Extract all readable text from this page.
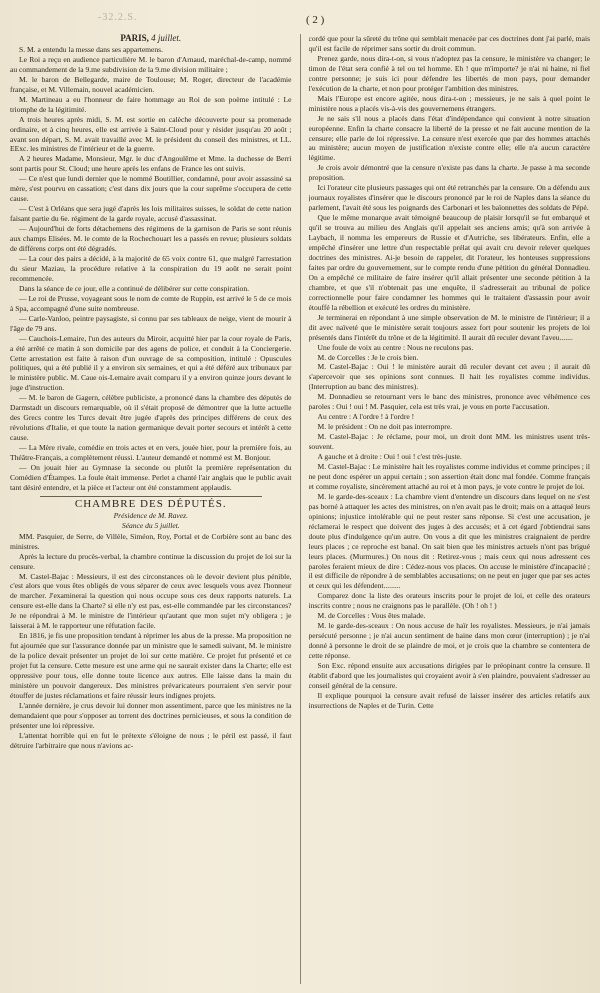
-32.2.S.	( 2 )
PARIS, 4 juillet.

S. M. a entendu la messe dans ses appartemens.

Le Roi a reçu en audience particulière M. le baron d'Arnaud, maréchal-de-camp, nommé au commandement de la 9.me subdivision de la 9.me division militaire ;

M. le baron de Bellegarde, maire de Toulouse; M. Roger, directeur de l'académie française, et M. Villemain, nouvel académicien.

M. Martineau a eu l'honneur de faire hommage au Roi de son poème intitulé : Le triomphe de la légitimité.

A trois heures après midi, S. M. est sortie en calèche découverte pour sa promenade ordinaire, et à cinq heures, elle est arrivée à Saint-Cloud pour y résider jusqu'au 20 août ; avant son départ, S. M. avait travaillé avec M. le président du conseil des ministres, et LL. EExc. les ministres de l'intérieur et de la guerre.

A 2 heures Madame, Monsieur, Mgr. le duc d'Angoulême et Mme. la duchesse de Berri sont partis pour St. Cloud; une heure après les enfans de France les ont suivis.

— Ce n'est que lundi dernier que le nommé Boutillier, condamné, pour avoir assassiné sa mère, s'est pourvu en cassation; c'est dans dix jours que la cour suprême s'occupera de cette cause.

— C'est à Orléans que sera jugé d'après les lois militaires suisses, le soldat de cette nation faisant partie du 6e. régiment de la garde royale, accusé d'assassinat.

— Aujourd'hui de forts détachemens des régimens de la garnison de Paris se sont réunis aux champs Elisées. M. le comte de la Rochechouart les a passés en revue; plusieurs soldats de différens corps ont été dégradés.

— La cour des pairs a décidé, à la majorité de 65 voix contre 61, que malgré l'arrestation du sieur Maziau, la procédure relative à la conspiration du 19 août ne serait point recommencée.

Dans la séance de ce jour, elle a continué de délibérer sur cette conspiration.

— Le roi de Prusse, voyageant sous le nom de comte de Ruppin, est arrivé le 5 de ce mois à Spa, accompagné d'une suite nombreuse.

— Carle-Vanloo, peintre paysagiste, si connu par ses tableaux de neige, vient de mourir à l'âge de 79 ans.

— Cauchois-Lemaire, l'un des auteurs du Miroir, acquitté hier par la cour royale de Paris, a été arrêté ce matin à son domicile par des agens de police, et conduit à la Conciergerie. Cette arrestation est faite à raison d'un ouvrage de sa composition, intitulé : Opuscules politiques, qui a été publié il y a environ six semaines, et qui a été déféré aux tribunaux par le ministère public. M. Caue ois-Lemaire avait comparu il y a environ quinze jours devant le juge d'instruction.

— M. le baron de Gagern, célèbre publiciste, a prononcé dans la chambre des députés de Darmstadt un discours remarquable, où il s'était proposé de démontrer que la lutte actuelle des Grecs contre les Turcs devait être jugée d'après des principes différens de ceux des révolutions d'Italie, et que toute la nation germanique devait porter secours et intérêt à cette cause.

— La Mère rivale, comédie en trois actes et en vers, jouée hier, pour la première fois, au Théâtre-Français, a complètement réussi. L'auteur demandé et nommé est M. Bonjour.

— On jouait hier au Gymnase la seconde ou plutôt la première représentation du Comédien d'Étampes. La foule était immense. Perlet a chanté l'air anglais que le public avait tant désiré entendre, et la pièce et l'acteur ont été constamment applaudis.

CHAMBRE DES DÉPUTÉS.
Présidence de M. Ravez.
Séance du 5 juillet.

MM. Pasquier, de Serre, de Villèle, Siméon, Roy, Portal et de Corbière sont au banc des ministres.

Après la lecture du procès-verbal, la chambre continue la discussion du projet de loi sur la censure.

M. Castel-Bajac : Messieurs, il est des circonstances où le devoir devient plus pénible, c'est alors que vous êtes obligés de vous séparer de ceux avec lesquels vous avez l'honneur de marcher. J'examinerai la question qui nous occupe sous ces deux rapports naturels. La censure est-elle dans la Charte? si elle n'y est pas, est-elle commandée par les circonstances? Je ne répondrai à M. le ministre de l'intérieur qu'autant que mon sujet m'y obligera ; je laisserai à M. le rapporteur une réfutation facile.

En 1816, je fis une proposition tendant à réprimer les abus de la presse. Ma proposition ne fut ajournée que sur l'assurance donnée par un ministre que le samedi suivant, M. le ministre de la police devait présenter un projet de loi sur cette matière. Ce projet fut présenté et ce projet fut la censure. Cette mesure est une arme qui ne saurait exister dans la Charte; elle est oppressive pour tous, elle donne toute licence aux autres. Elle laisse dans la main du ministère un pouvoir dangereux. Des ministres prévaricateurs pourraient s'en servir pour étouffer de justes réclamations et faire réussir leurs indignes projets.

L'année dernière, je crus devoir lui donner mon assentiment, parce que les ministres ne la demandaient que pour s'opposer au torrent des doctrines pernicieuses, et sous la condition de présenter une loi répressive.

L'attentat horrible qui en fut le prétexte s'éloigne de nous ; le péril est passé, il faut détruire l'arbitraire que nous n'avions ac-

cordé que pour la sûreté du trône qui semblait menacée par ces doctrines dont j'ai parlé, mais qu'il est facile de réprimer sans sortir du droit commun.

Prenez garde, nous dira-t-on, si vous n'adoptez pas la censure, le ministère va changer; le timon de l'état sera confié à tel ou tel homme. Eh ! que m'importe? je n'ai ni haine, ni fiel contre personne; je suis ici pour défendre les libertés de mon pays, pour demander l'exécution de la charte, et non pour protéger l'ambition des ministres.

Mais l'Europe est encore agitée, nous dira-t-on ; messieurs, je ne sais à quel point le ministère nous a placés vis-à-vis des gouvernemens étrangers.

Je ne sais s'il nous a placés dans l'état d'indépendance qui convient à notre situation européenne. Enfin la charte consacre la liberté de la presse et ne fait aucune mention de la censure; elle parle de loi répressive. La censure n'est exercée que par des hommes attachés au ministère; aucun moyen de justification n'existe contre elle; elle n'a aucun caractère légitime.

Je crois avoir démontré que la censure n'existe pas dans la charte. Je passe à ma seconde proposition.

Ici l'orateur cite plusieurs passages qui ont été retranchés par la censure. On a défendu aux journaux royalistes d'insérer que le discours prononcé par le roi de Naples dans la séance du parlement, l'avait été sous les poignards des Carbonari et les baïonnettes des soldats de Pépé.

Que le même monarque avait témoigné beaucoup de plaisir lorsqu'il se fut embarqué et qu'il se trouva au milieu des Anglais qu'il appelait ses anciens amis; qu'à son arrivée à Laybach, il nomma les empereurs de Russie et d'Autriche, ses libérateurs. Enfin, elle a empêché d'insérer une lettre d'un respectable prélat qui avait cru devoir relever quelques doctrines des ministres. Ai-je besoin de rappeler, dit l'orateur, les honteuses suppressions faites par ordre du gouvernement, sur le compte rendu d'une pétition du général Donnadieu. On a empêché ce militaire de faire insérer qu'il allait présenter une seconde pétition à la chambre, et que s'il n'obtenait pas une enquête, il s'adresserait au tribunal de police correctionnelle pour faire condamner les hommes qui le traitaient d'assassin pour avoir étouffé la rébellion et exécuté les ordres du ministère.

Je terminerai en répondant à une simple observation de M. le ministre de l'intérieur; il a dit avec naïveté que le ministère serait toujours assez fort pour soutenir les projets de loi présentés dans l'intérêt du trône et de la légitimité. Il aurait dû reculer devant l'aveu.......

Une foule de voix au centre : Nous ne reculons pas.

M. de Corcelles : Je le crois bien.

M. Castel-Bajac : Oui ! le ministère aurait dû reculer devant cet aveu ; il aurait dû s'apercevoir que ses opinions sont connues. Il hait les royalistes comme individus. (Interruption au banc des ministres).

M. Donnadieu se retournant vers le banc des ministres, prononce avec véhémence ces paroles : Oui ! oui ! M. Pasquier, cela est très vrai, je vous en porte l'accusation.

Au centre : A l'ordre ! à l'ordre !

M. le président : On ne doit pas interrompre.

M. Castel-Bajac : Je réclame, pour moi, un droit dont MM. les ministres usent très-souvent.

A gauche et à droite : Oui ! oui ! c'est très-juste.

M. Castel-Bajac : Le ministère hait les royalistes comme individus et comme principes ; il ne peut donc espérer un appui certain ; son assertion était donc mal fondée. Comme français et comme royaliste, sincèrement attaché au roi et à mon pays, je vote contre le projet de loi.

M. le garde-des-sceaux : La chambre vient d'entendre un discours dans lequel on ne s'est pas borné à attaquer les actes des ministres, on n'en avait pas le droit; mais on a attaqué leurs opinions; injustice intolérable qui ne peut rester sans réponse. Si c'est une accusation, je réclamerai le respect que doivent des juges à des accusés; et à cet égard j'obtiendrai sans doute plus d'indulgence qu'un autre. On vous a dit que les ministres craignaient de perdre leurs places ; ce reproche est banal. On sait bien que les ministres actuels n'ont pas brigué leurs places. (Murmures.) On nous dit : Retirez-vous ; mais ceux qui nous adressent ces paroles feraient mieux de dire : Cédez-nous vos places. On accuse le ministère d'incapacité ; il est difficile de répondre à de semblables accusations; on ne peut en juger que par ses actes et ceux qui les défendent.........

Comparez donc la liste des orateurs inscrits pour le projet de loi, et celle des orateurs inscrits contre ; nous ne craignons pas le parallèle. (Oh ! oh ! )

M. de Corcelles : Vous êtes malade.

M. le garde-des-sceaux : On nous accuse de haïr les royalistes. Messieurs, je n'ai jamais persécuté personne ; je n'ai aucun sentiment de haine dans mon cœur (interruption) ; je n'ai donné à personne le droit de se plaindre de moi, et je crois que la chambre se contentera de cette réponse.

Son Exc. répond ensuite aux accusations dirigées par le préopinant contre la censure. Il établit d'abord que les journalistes qui croyaient avoir à s'en plaindre, pouvaient s'adresser au conseil général de la censure.

Il explique pourquoi la censure avait refusé de laisser insérer des articles relatifs aux insurrections de Naples et de Turin. Cette
